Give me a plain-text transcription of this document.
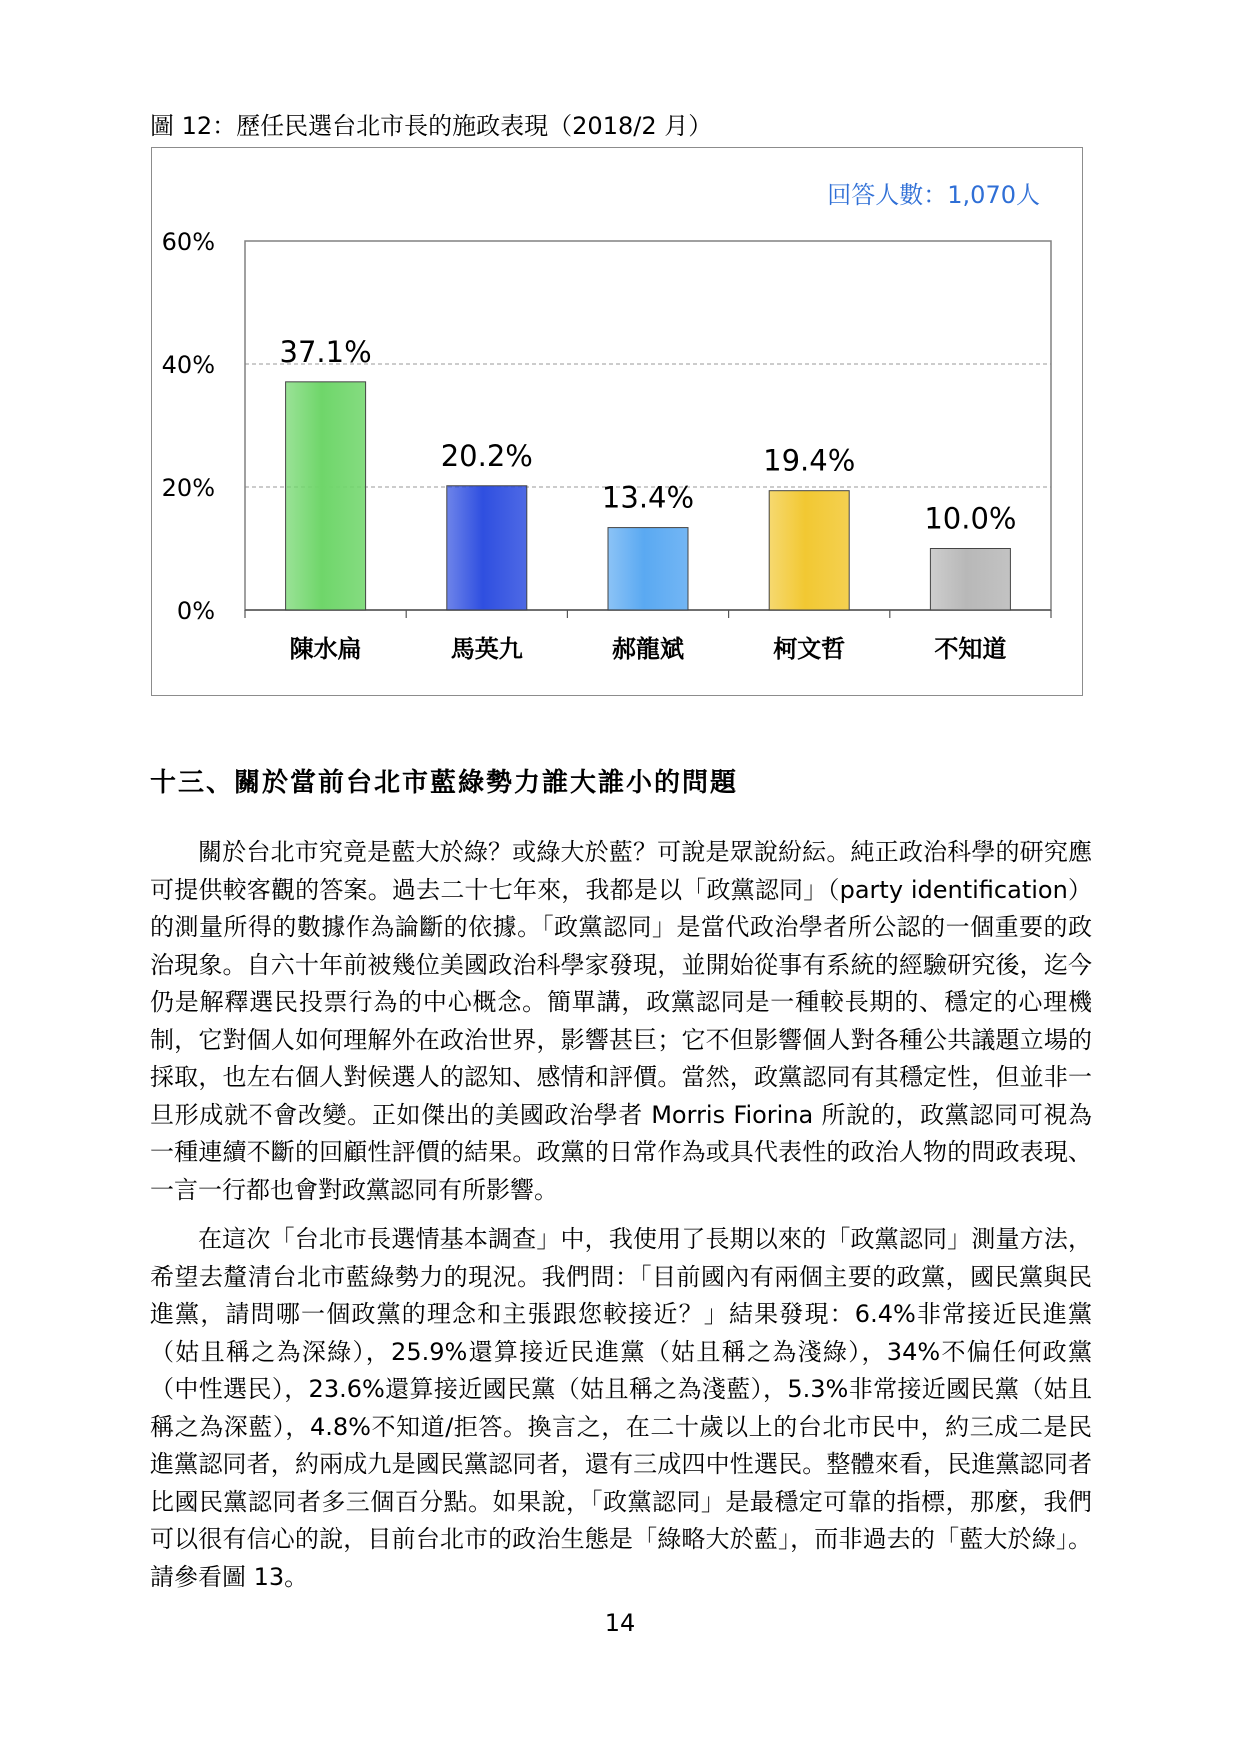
圖 12：歷任民選台北市長的施政表現（2018/2 月）
回答人數：1,070人
0%
20%
40%
60%
37.1%
陳水扁
20.2%
馬英九
13.4%
郝龍斌
19.4%
柯文哲
10.0%
不知道
十三、關於當前台北市藍綠勢力誰大誰小的問題

關於台北市究竟是藍大於綠？或綠大於藍？可說是眾說紛紜。純正政治科學的研究應可提供較客觀的答案。過去二十七年來，我都是以「政黨認同」（party identification）的測量所得的數據作為論斷的依據。「政黨認同」是當代政治學者所公認的一個重要的政治現象。自六十年前被幾位美國政治科學家發現，並開始從事有系統的經驗研究後，迄今仍是解釋選民投票行為的中心概念。簡單講，政黨認同是一種較長期的、穩定的心理機制，它對個人如何理解外在政治世界，影響甚巨；它不但影響個人對各種公共議題立場的採取，也左右個人對候選人的認知、感情和評價。當然，政黨認同有其穩定性，但並非一旦形成就不會改變。正如傑出的美國政治學者 Morris Fiorina 所說的，政黨認同可視為一種連續不斷的回顧性評價的結果。政黨的日常作為或具代表性的政治人物的問政表現、一言一行都也會對政黨認同有所影響。

在這次「台北市長選情基本調查」中，我使用了長期以來的「政黨認同」測量方法，希望去釐清台北市藍綠勢力的現況。我們問：「目前國內有兩個主要的政黨，國民黨與民進黨，請問哪一個政黨的理念和主張跟您較接近？」結果發現：6.4%非常接近民進黨（姑且稱之為深綠），25.9%還算接近民進黨（姑且稱之為淺綠），34%不偏任何政黨（中性選民），23.6%還算接近國民黨（姑且稱之為淺藍），5.3%非常接近國民黨（姑且稱之為深藍），4.8%不知道/拒答。換言之，在二十歲以上的台北市民中，約三成二是民進黨認同者，約兩成九是國民黨認同者，還有三成四中性選民。整體來看，民進黨認同者比國民黨認同者多三個百分點。如果說，「政黨認同」是最穩定可靠的指標，那麼，我們可以很有信心的說，目前台北市的政治生態是「綠略大於藍」，而非過去的「藍大於綠」。請參看圖 13。

14
